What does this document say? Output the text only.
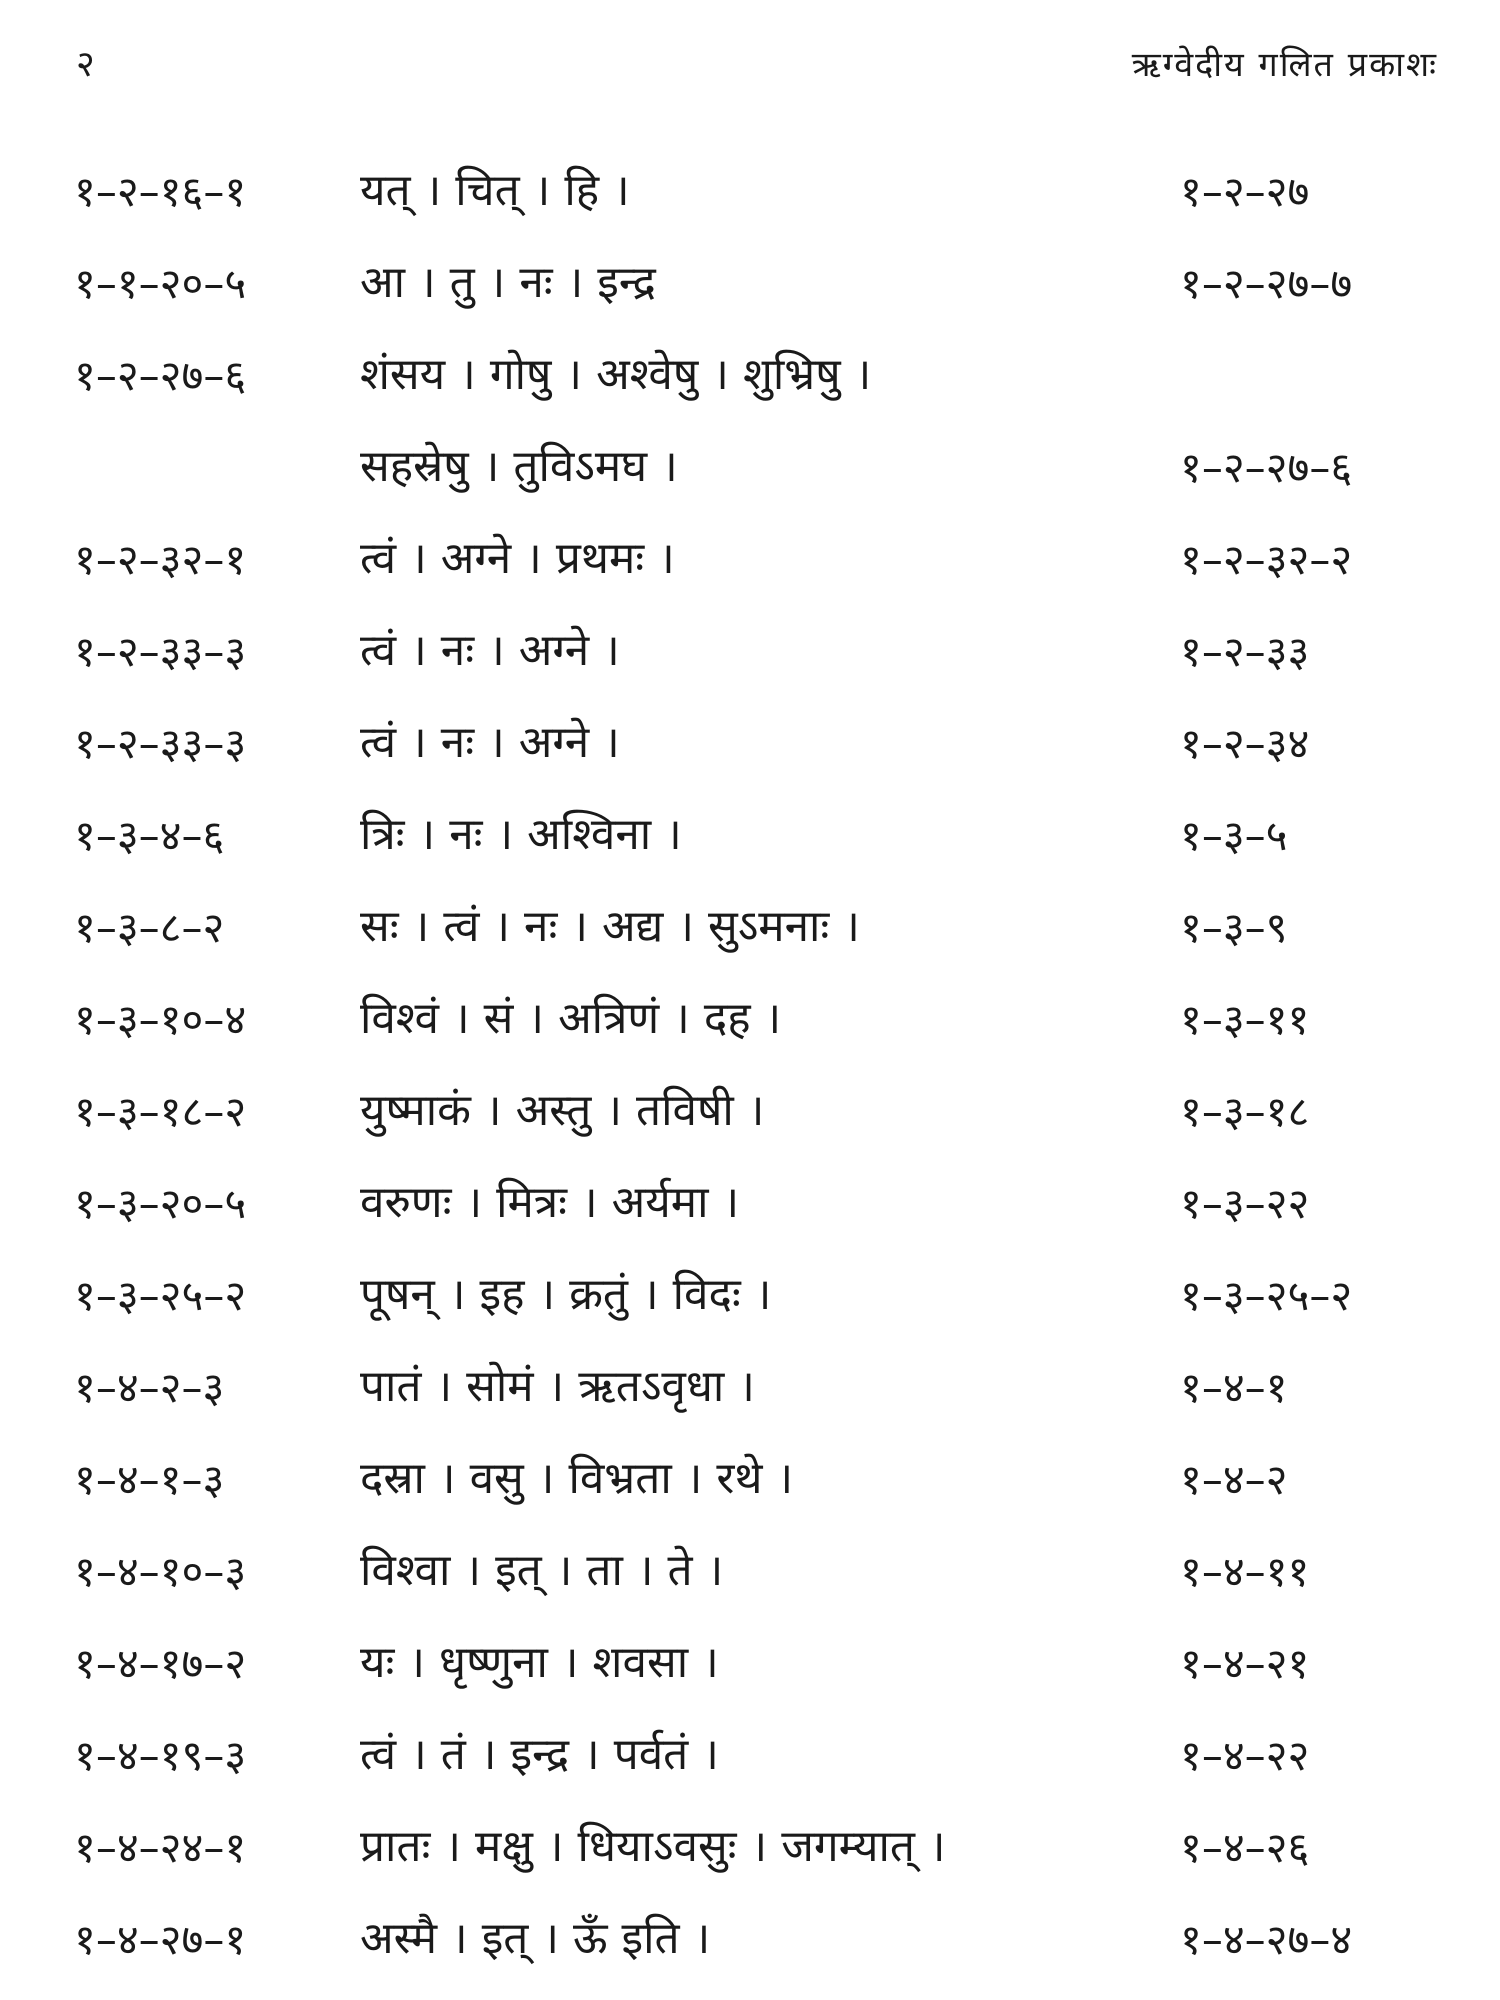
२	ऋग्वेदीय गलित प्रकाशः
१–२–१६–१	यत् । चित् । हि ।	१–२–२७
१–१–२०–५	आ । तु । नः । इन्द्र	१–२–२७–७
१–२–२७–६	शंसय । गोषु । अश्वेषु । शुभ्रिषु ।
सहस्रेषु । तुविऽमघ ।	१–२–२७–६
१–२–३२–१	त्वं । अग्ने । प्रथमः ।	१–२–३२–२
१–२–३३–३	त्वं । नः । अग्ने ।	१–२–३३
१–२–३३–३	त्वं । नः । अग्ने ।	१–२–३४
१–३–४–६	त्रिः । नः । अश्विना ।	१–३–५
१–३–८–२	सः । त्वं । नः । अद्य । सुऽमनाः ।	१–३–९
१–३–१०–४	विश्वं । सं । अत्रिणं । दह ।	१–३–११
१–३–१८–२	युष्माकं । अस्तु । तविषी ।	१–३–१८
१–३–२०–५	वरुणः । मित्रः । अर्यमा ।	१–३–२२
१–३–२५–२	पूषन् । इह । क्रतुं । विदः ।	१–३–२५–२
१–४–२–३	पातं । सोमं । ऋतऽवृधा ।	१–४–१
१–४–१–३	दस्रा । वसु । विभ्रता । रथे ।	१–४–२
१–४–१०–३	विश्वा । इत् । ता । ते ।	१–४–११
१–४–१७–२	यः । धृष्णुना । शवसा ।	१–४–२१
१–४–१९–३	त्वं । तं । इन्द्र । पर्वतं ।	१–४–२२
१–४–२४–१	प्रातः । मक्षु । धियाऽवसुः । जगम्यात् ।	१–४–२६
१–४–२७–१	अस्मै । इत् । ऊँ इति ।	१–४–२७–४
